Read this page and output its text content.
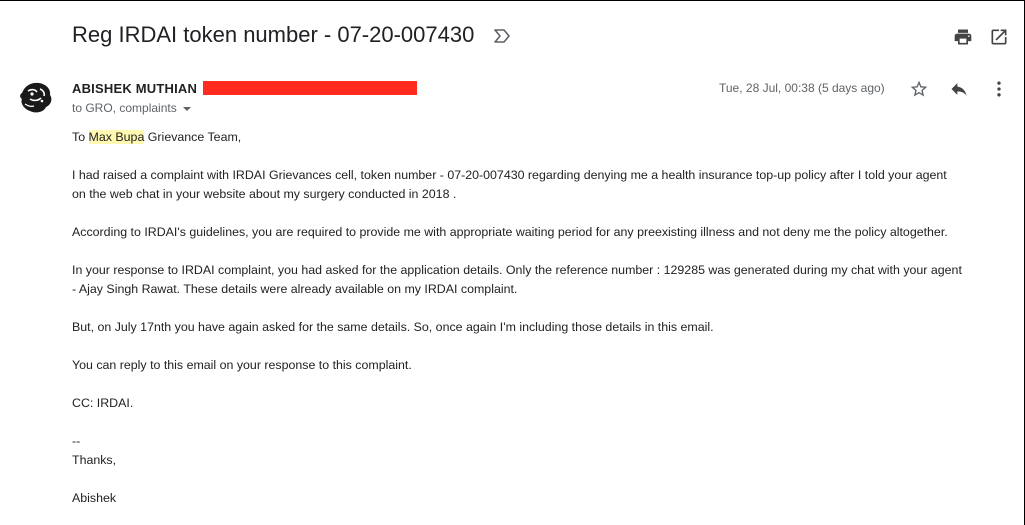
Reg IRDAI token number - 07-20-007430
ABISHEK MUTHIAN
to GRO, complaints
Tue, 28 Jul, 00:38 (5 days ago)

To Max Bupa Grievance Team,

I had raised a complaint with IRDAI Grievances cell, token number - 07-20-007430 regarding denying me a health insurance top-up policy after I told your agent

on the web chat in your website about my surgery conducted in 2018 .

According to IRDAI's guidelines, you are required to provide me with appropriate waiting period for any preexisting illness and not deny me the policy altogether.

In your response to IRDAI complaint, you had asked for the application details. Only the reference number : 129285 was generated during my chat with your agent

- Ajay Singh Rawat. These details were already available on my IRDAI complaint.

But, on July 17nth you have again asked for the same details. So, once again I'm including those details in this email.

You can reply to this email on your response to this complaint.

CC: IRDAI.

--

Thanks,

Abishek
